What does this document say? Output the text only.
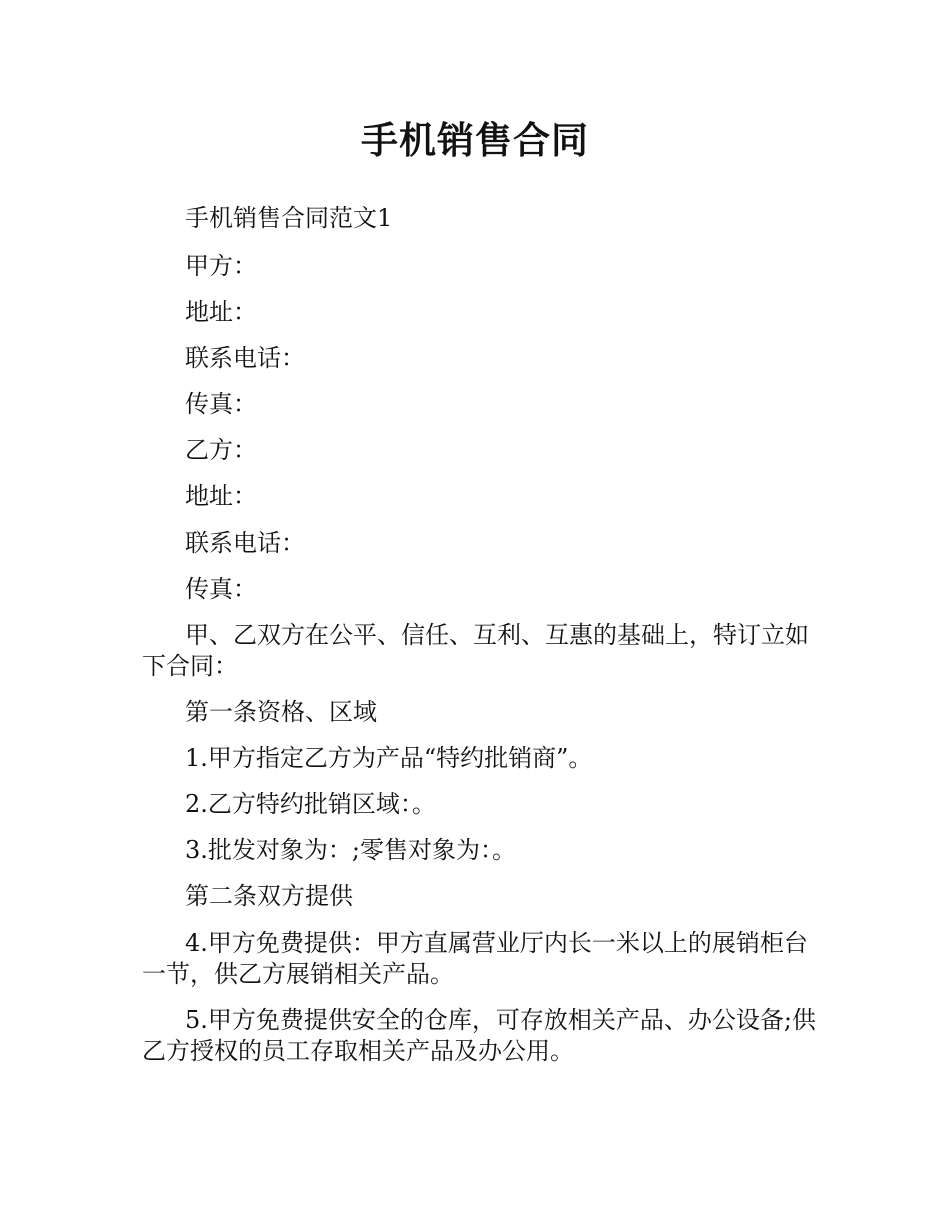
手机销售合同

手机销售合同范文1

甲方：

地址：

联系电话：

传真：

乙方：

地址：

联系电话：

传真：

甲、乙双方在公平、信任、互利、互惠的基础上，特订立如下合同：

第一条资格、区域

1.甲方指定乙方为产品“特约批销商”。

2.乙方特约批销区域：。

3.批发对象为：;零售对象为：。

第二条双方提供

4.甲方免费提供：甲方直属营业厅内长一米以上的展销柜台一节，供乙方展销相关产品。

5.甲方免费提供安全的仓库，可存放相关产品、办公设备;供乙方授权的员工存取相关产品及办公用。
